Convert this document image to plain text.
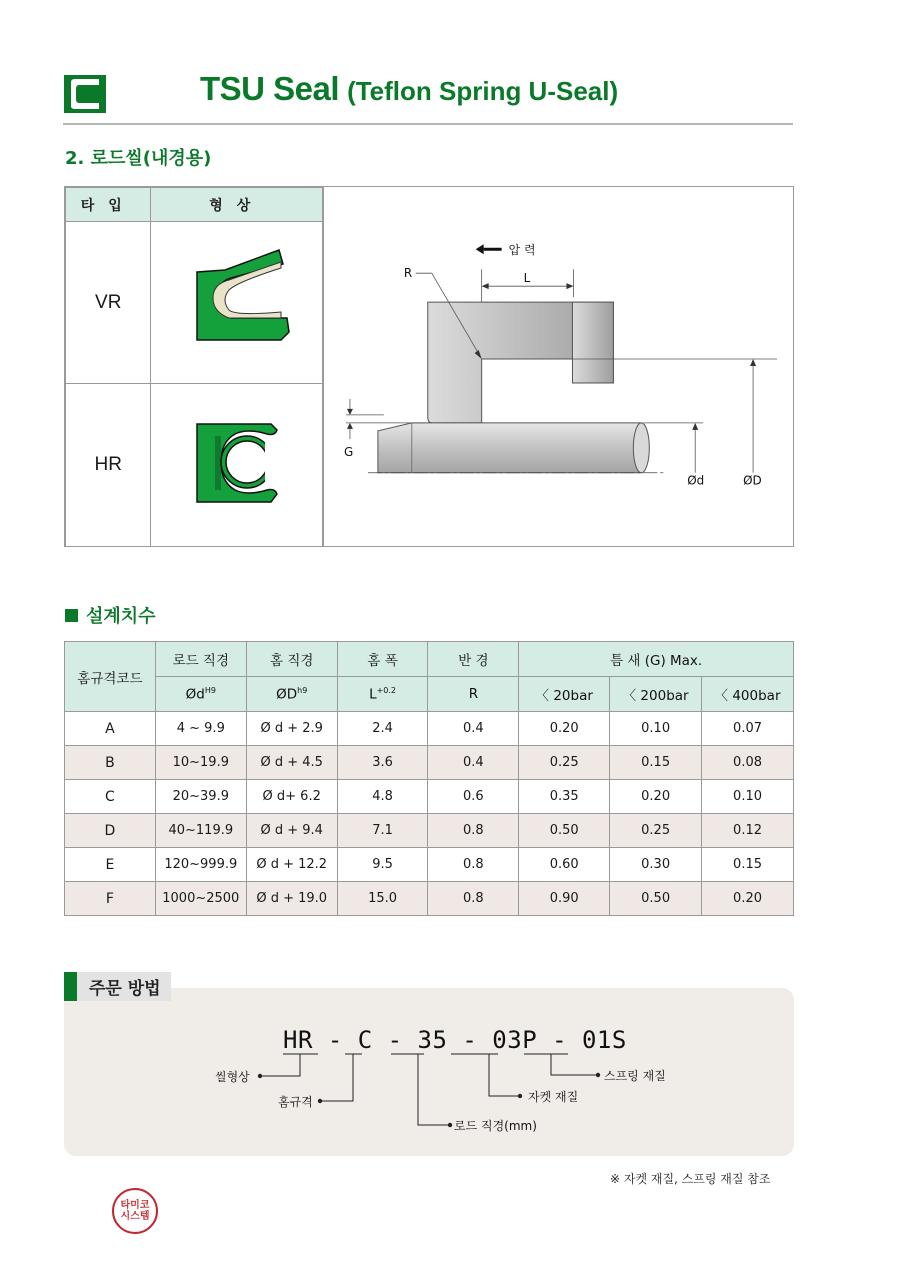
TSU Seal (Teflon Spring U-Seal)
2. 로드씰(내경용)
타입	형상
VR	
HR	
압 력
L
R
G
Ød	ØD
설계치수
홈규격코드	로드 직경	홈 직경	홈 폭	반 경	틈 새 (G) Max.		
	$Ød^{H9}$	$ØD^{h9}$	$L^{+0.2}$	R	〈 20bar	〈 200bar	〈 400bar
A	4 ~ 9.9	Ø d + 2.9	2.4	0.4	0.20	0.10	0.07
B	10~19.9	Ø d + 4.5	3.6	0.4	0.25	0.15	0.08
C	20~39.9	Ø d+ 6.2	4.8	0.6	0.35	0.20	0.10
D	40~119.9	Ø d + 9.4	7.1	0.8	0.50	0.25	0.12
E	120~999.9	Ø d + 12.2	9.5	0.8	0.60	0.30	0.15
F	1000~2500	Ø d + 19.0	15.0	0.8	0.90	0.50	0.20
주문 방법
HR - C - 35 - 03P - 01S
씰형상
홈규격
로드 직경(mm)
자켓 재질
스프링 재질
※ 자켓 재질, 스프링 재질 참조
타미코
시스템
